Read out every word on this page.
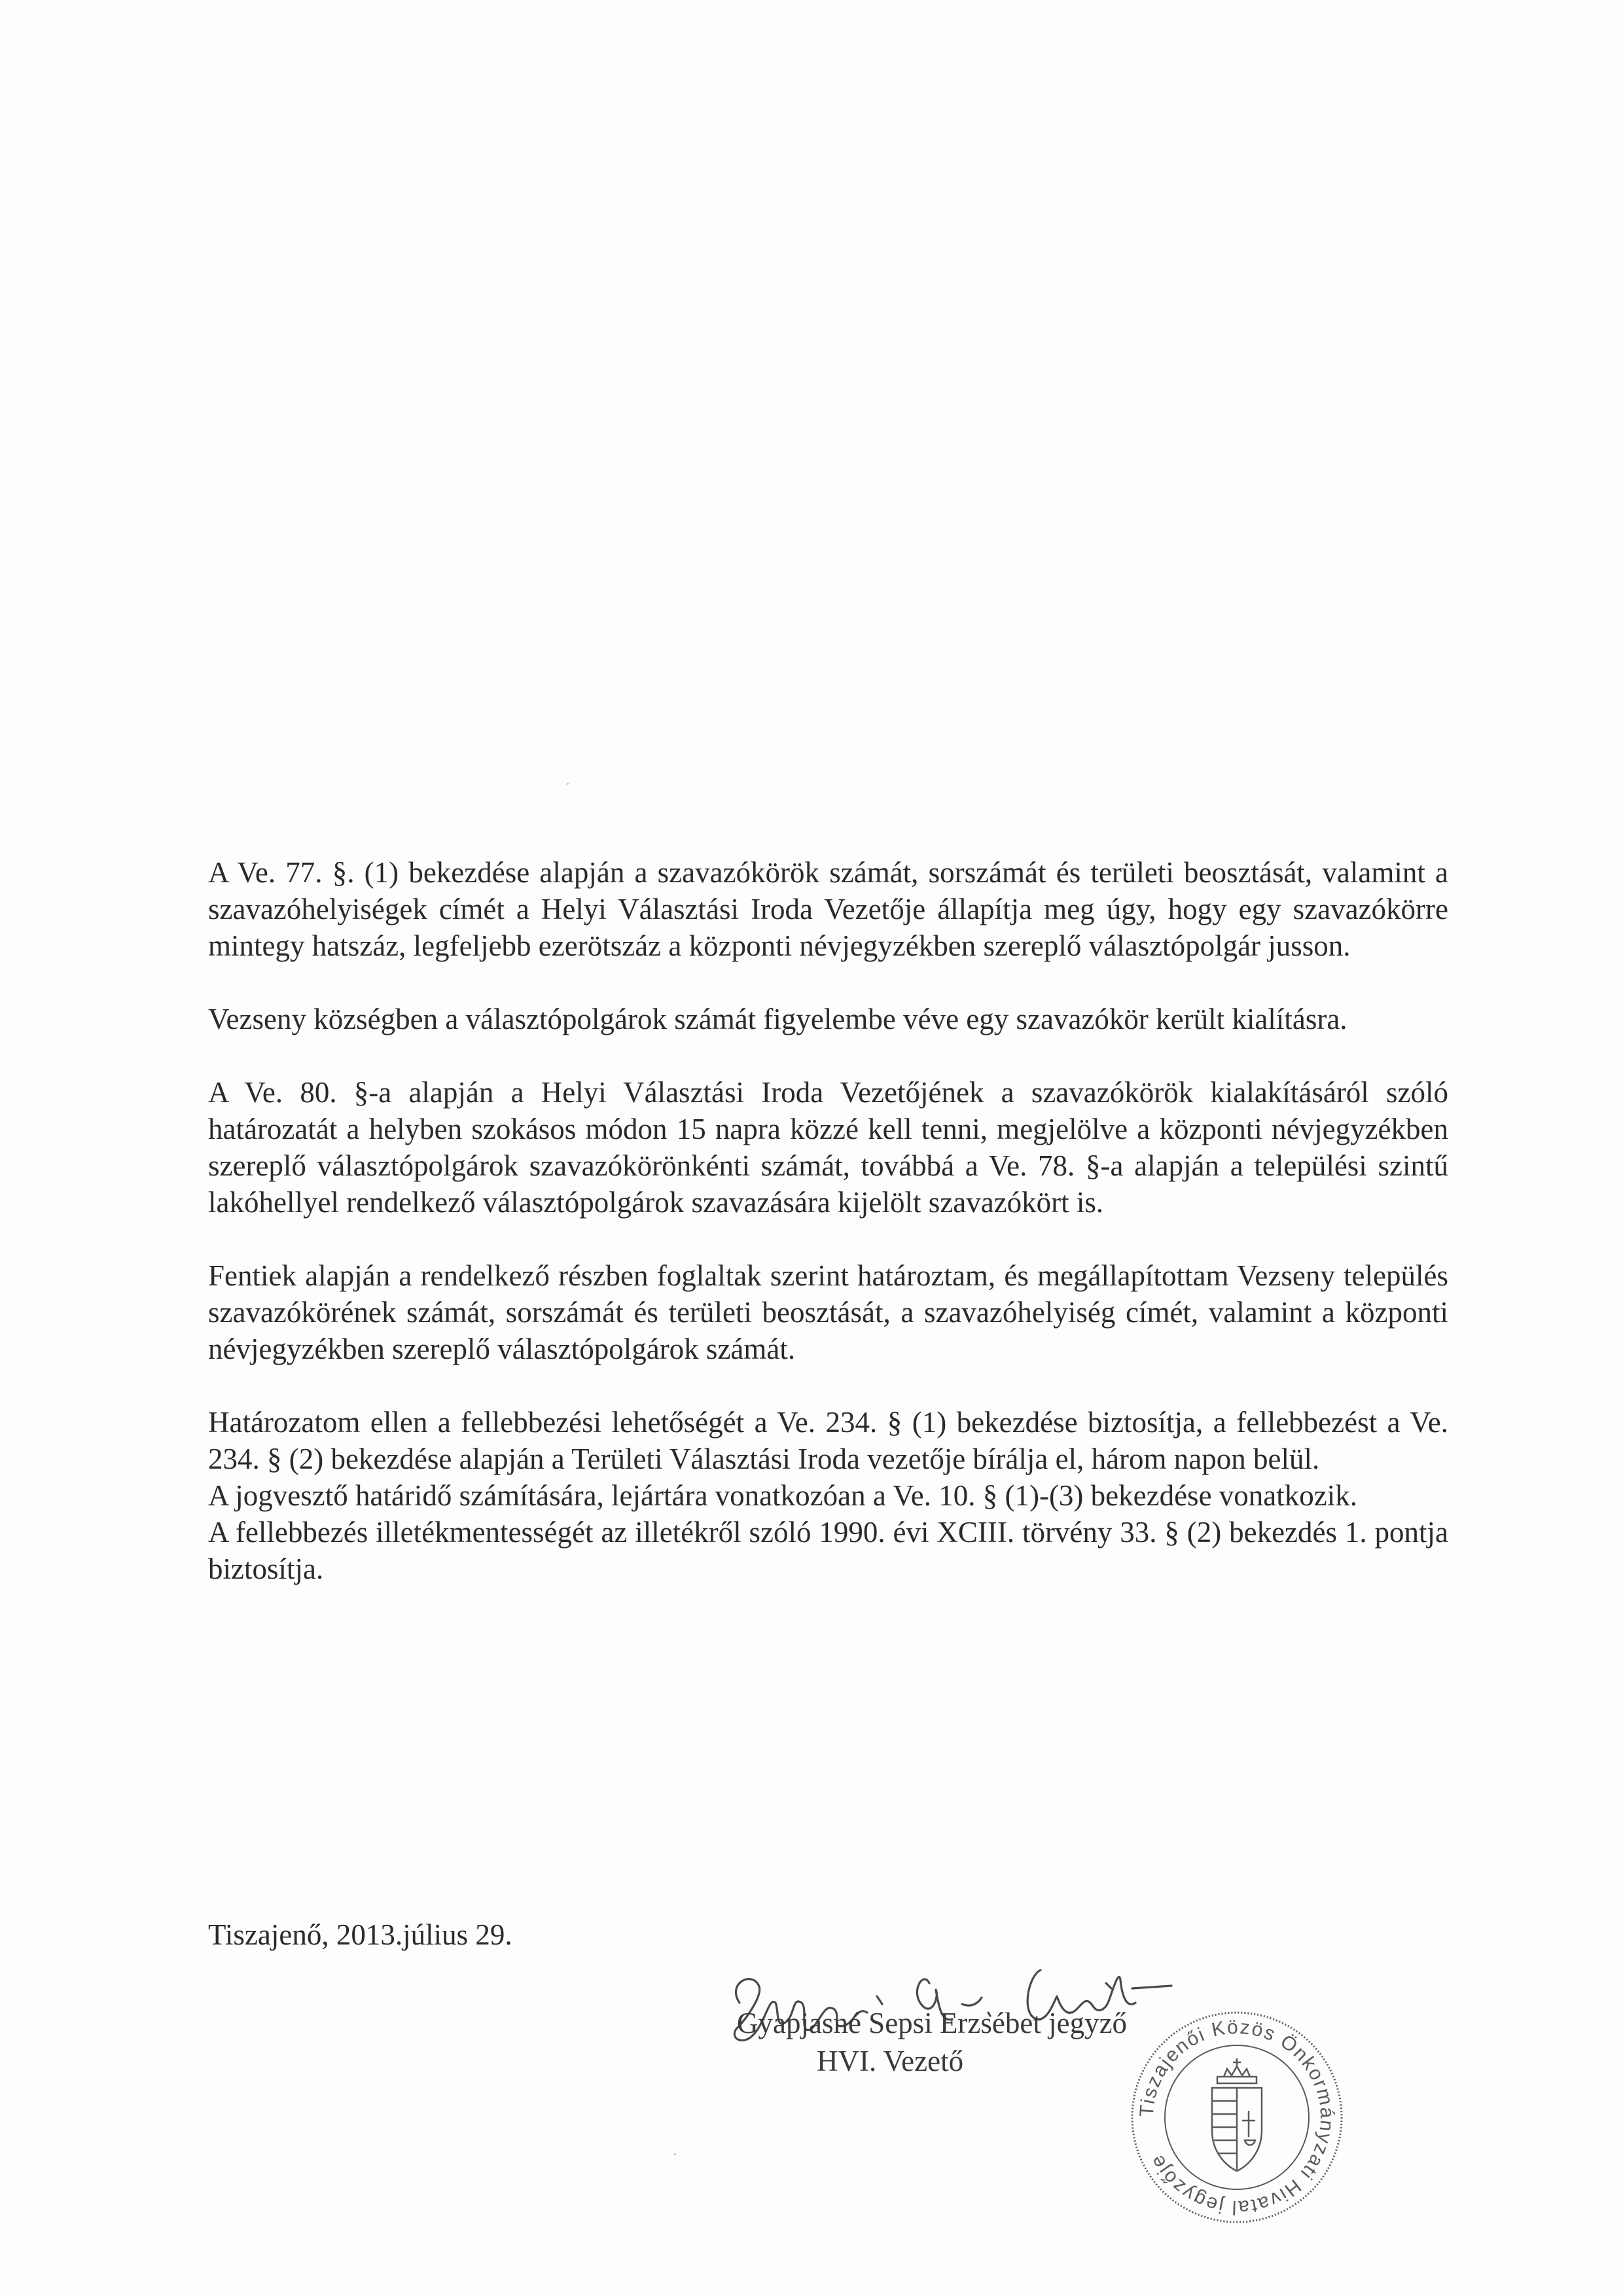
A Ve. 77. §. (1) bekezdése alapján a szavazókörök számát, sorszámát és területi beosztását, valamint a szavazóhelyiségek címét a Helyi Választási Iroda Vezetője állapítja meg úgy, hogy egy szavazókörre mintegy hatszáz, legfeljebb ezerötszáz a központi névjegyzékben szereplő választópolgár jusson.

Vezseny községben a választópolgárok számát figyelembe véve egy szavazókör került kialításra.

A Ve. 80. §-a alapján a Helyi Választási Iroda Vezetőjének a szavazókörök kialakításáról szóló határozatát a helyben szokásos módon 15 napra közzé kell tenni, megjelölve a központi névjegyzékben szereplő választópolgárok szavazókörönkénti számát, továbbá a Ve. 78. §-a alapján a települési szintű lakóhellyel rendelkező választópolgárok szavazására kijelölt szavazókört is.

Fentiek alapján a rendelkező részben foglaltak szerint határoztam, és megállapítottam Vezseny település szavazókörének számát, sorszámát és területi beosztását, a szavazóhelyiség címét, valamint a központi névjegyzékben szereplő választópolgárok számát.

Határozatom ellen a fellebbezési lehetőségét a Ve. 234. § (1) bekezdése biztosítja, a fellebbezést a Ve. 234. § (2) bekezdése alapján a Területi Választási Iroda vezetője bírálja el, három napon belül.

A jogvesztő határidő számítására, lejártára vonatkozóan a Ve. 10. § (1)-(3) bekezdése vonatkozik.

A fellebbezés illetékmentességét az illetékről szóló 1990. évi XCIII. törvény 33. § (2) bekezdés 1. pontja biztosítja.

Tiszajenő, 2013.július 29.
Gyapjasné Sepsi Erzsébet jegyző
HVI. Vezető
Tiszajenői Közös Önkormányzati Hivatal jegyzője
